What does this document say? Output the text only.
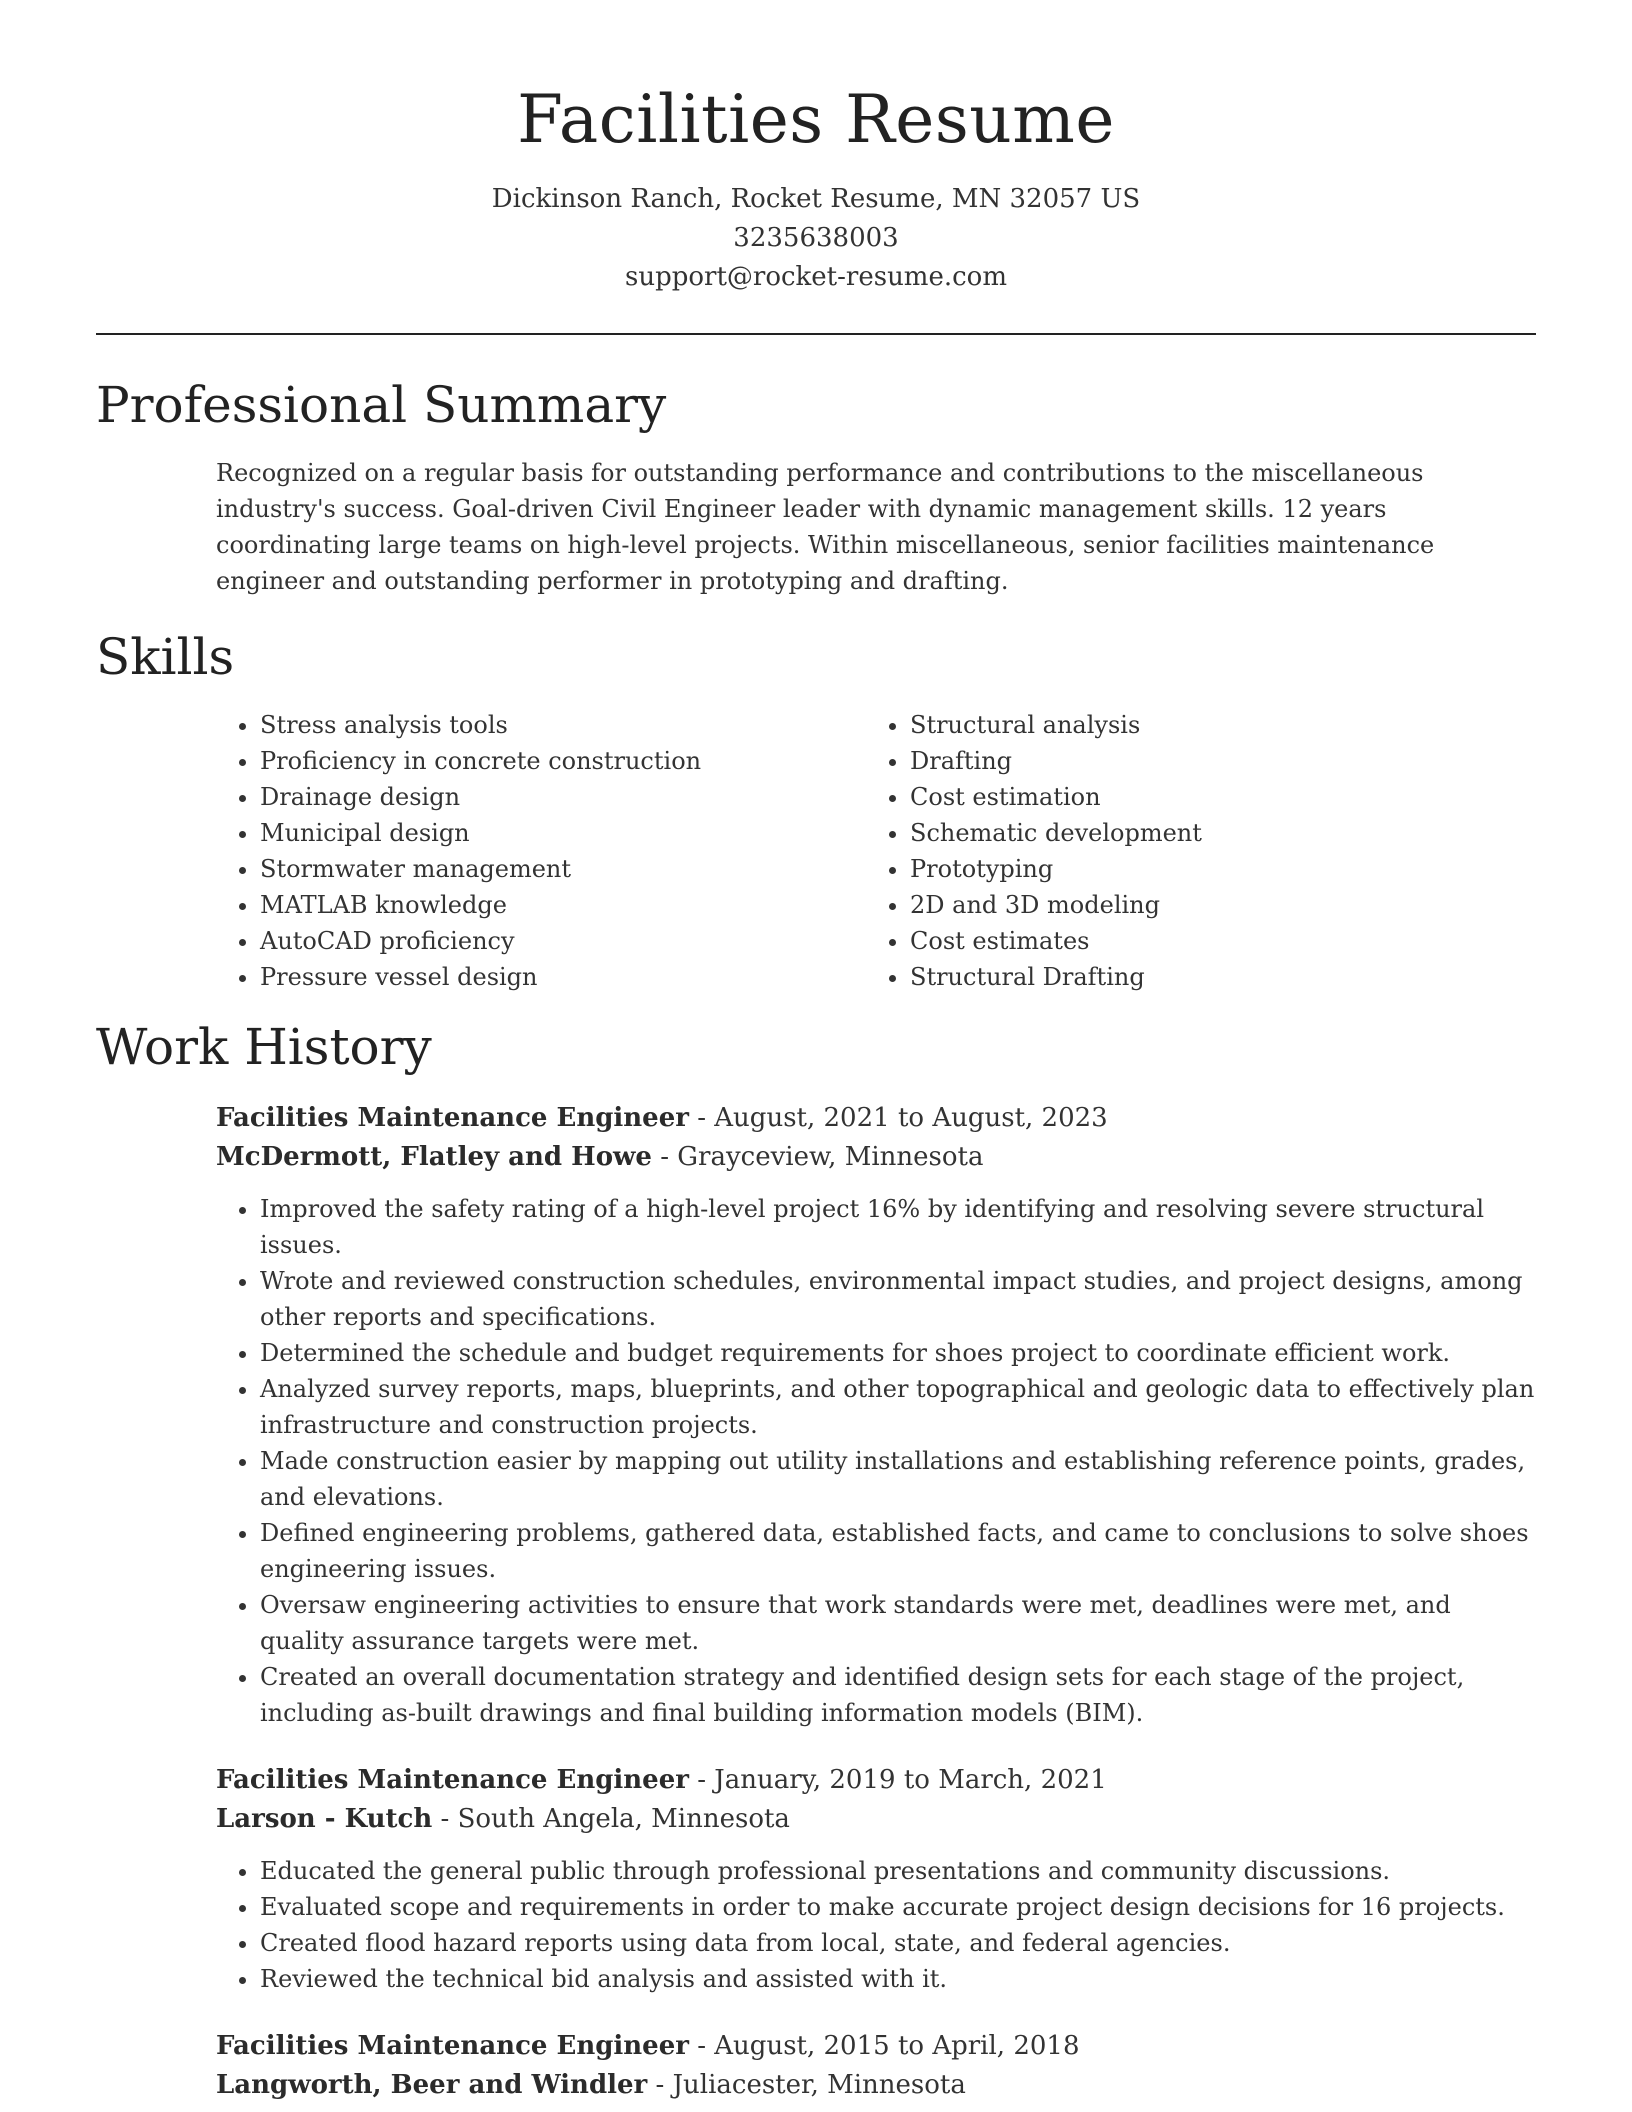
Facilities Resume
Dickinson Ranch, Rocket Resume, MN 32057 US
3235638003
support@rocket-resume.com
Professional Summary
Recognized on a regular basis for outstanding performance and contributions to the miscellaneous industry's success. Goal-driven Civil Engineer leader with dynamic management skills. 12 years coordinating large teams on high-level projects. Within miscellaneous, senior facilities maintenance engineer and outstanding performer in prototyping and drafting.
Skills
• Stress analysis tools
• Proficiency in concrete construction
• Drainage design
• Municipal design
• Stormwater management
• MATLAB knowledge
• AutoCAD proficiency
• Pressure vessel design
• Structural analysis
• Drafting
• Cost estimation
• Schematic development
• Prototyping
• 2D and 3D modeling
• Cost estimates
• Structural Drafting
Work History
Facilities Maintenance Engineer - August, 2021 to August, 2023
McDermott, Flatley and Howe - Grayceview, Minnesota
• Improved the safety rating of a high-level project 16% by identifying and resolving severe structural issues.
• Wrote and reviewed construction schedules, environmental impact studies, and project designs, among other reports and specifications.
• Determined the schedule and budget requirements for shoes project to coordinate efficient work.
• Analyzed survey reports, maps, blueprints, and other topographical and geologic data to effectively plan infrastructure and construction projects.
• Made construction easier by mapping out utility installations and establishing reference points, grades, and elevations.
• Defined engineering problems, gathered data, established facts, and came to conclusions to solve shoes engineering issues.
• Oversaw engineering activities to ensure that work standards were met, deadlines were met, and quality assurance targets were met.
• Created an overall documentation strategy and identified design sets for each stage of the project, including as-built drawings and final building information models (BIM).
Facilities Maintenance Engineer - January, 2019 to March, 2021
Larson - Kutch - South Angela, Minnesota
• Educated the general public through professional presentations and community discussions.
• Evaluated scope and requirements in order to make accurate project design decisions for 16 projects.
• Created flood hazard reports using data from local, state, and federal agencies.
• Reviewed the technical bid analysis and assisted with it.
Facilities Maintenance Engineer - August, 2015 to April, 2018
Langworth, Beer and Windler - Juliacester, Minnesota
